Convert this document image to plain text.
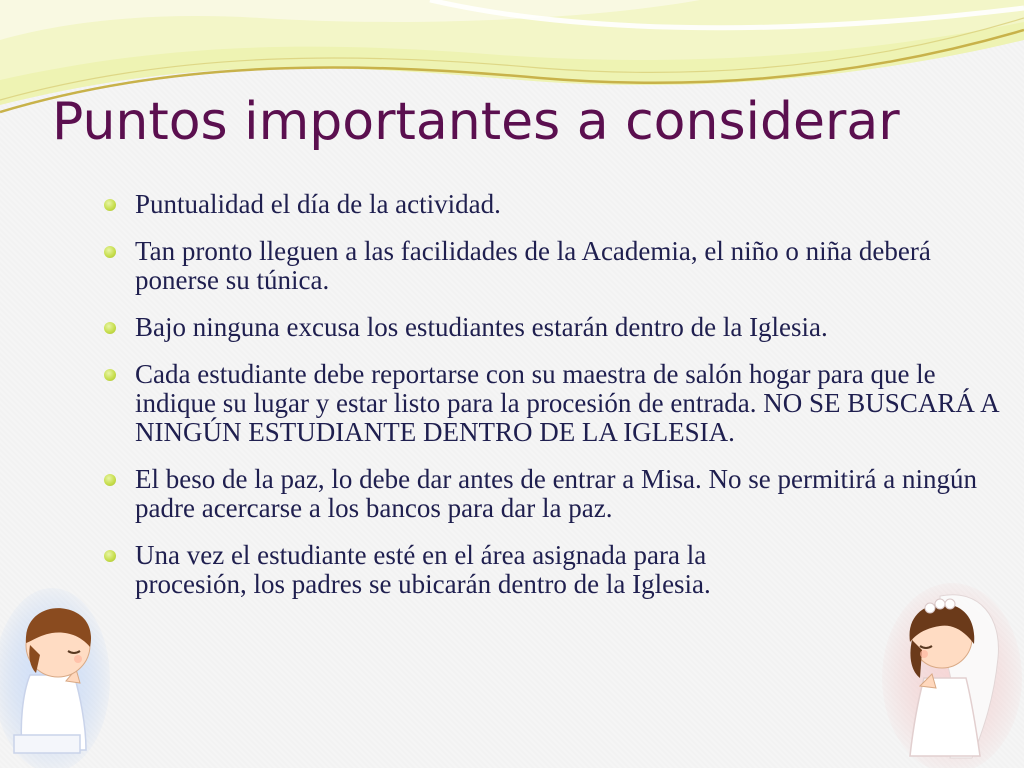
Puntos importantes a considerar
Puntualidad el día de la actividad.
Tan pronto lleguen a las facilidades de la Academia, el niño o niña deberá ponerse su túnica.
Bajo ninguna excusa los estudiantes estarán dentro de la Iglesia.
Cada estudiante debe reportarse con su maestra de salón hogar para que le indique su lugar y estar listo para la procesión de entrada. NO SE BUSCARÁ A NINGÚN ESTUDIANTE DENTRO DE LA IGLESIA.
El beso de la paz, lo debe dar antes de entrar a Misa. No se permitirá a ningún padre acercarse a los bancos para dar la paz.
Una vez el estudiante esté en el área asignada para la procesión, los padres se ubicarán dentro de la Iglesia.
